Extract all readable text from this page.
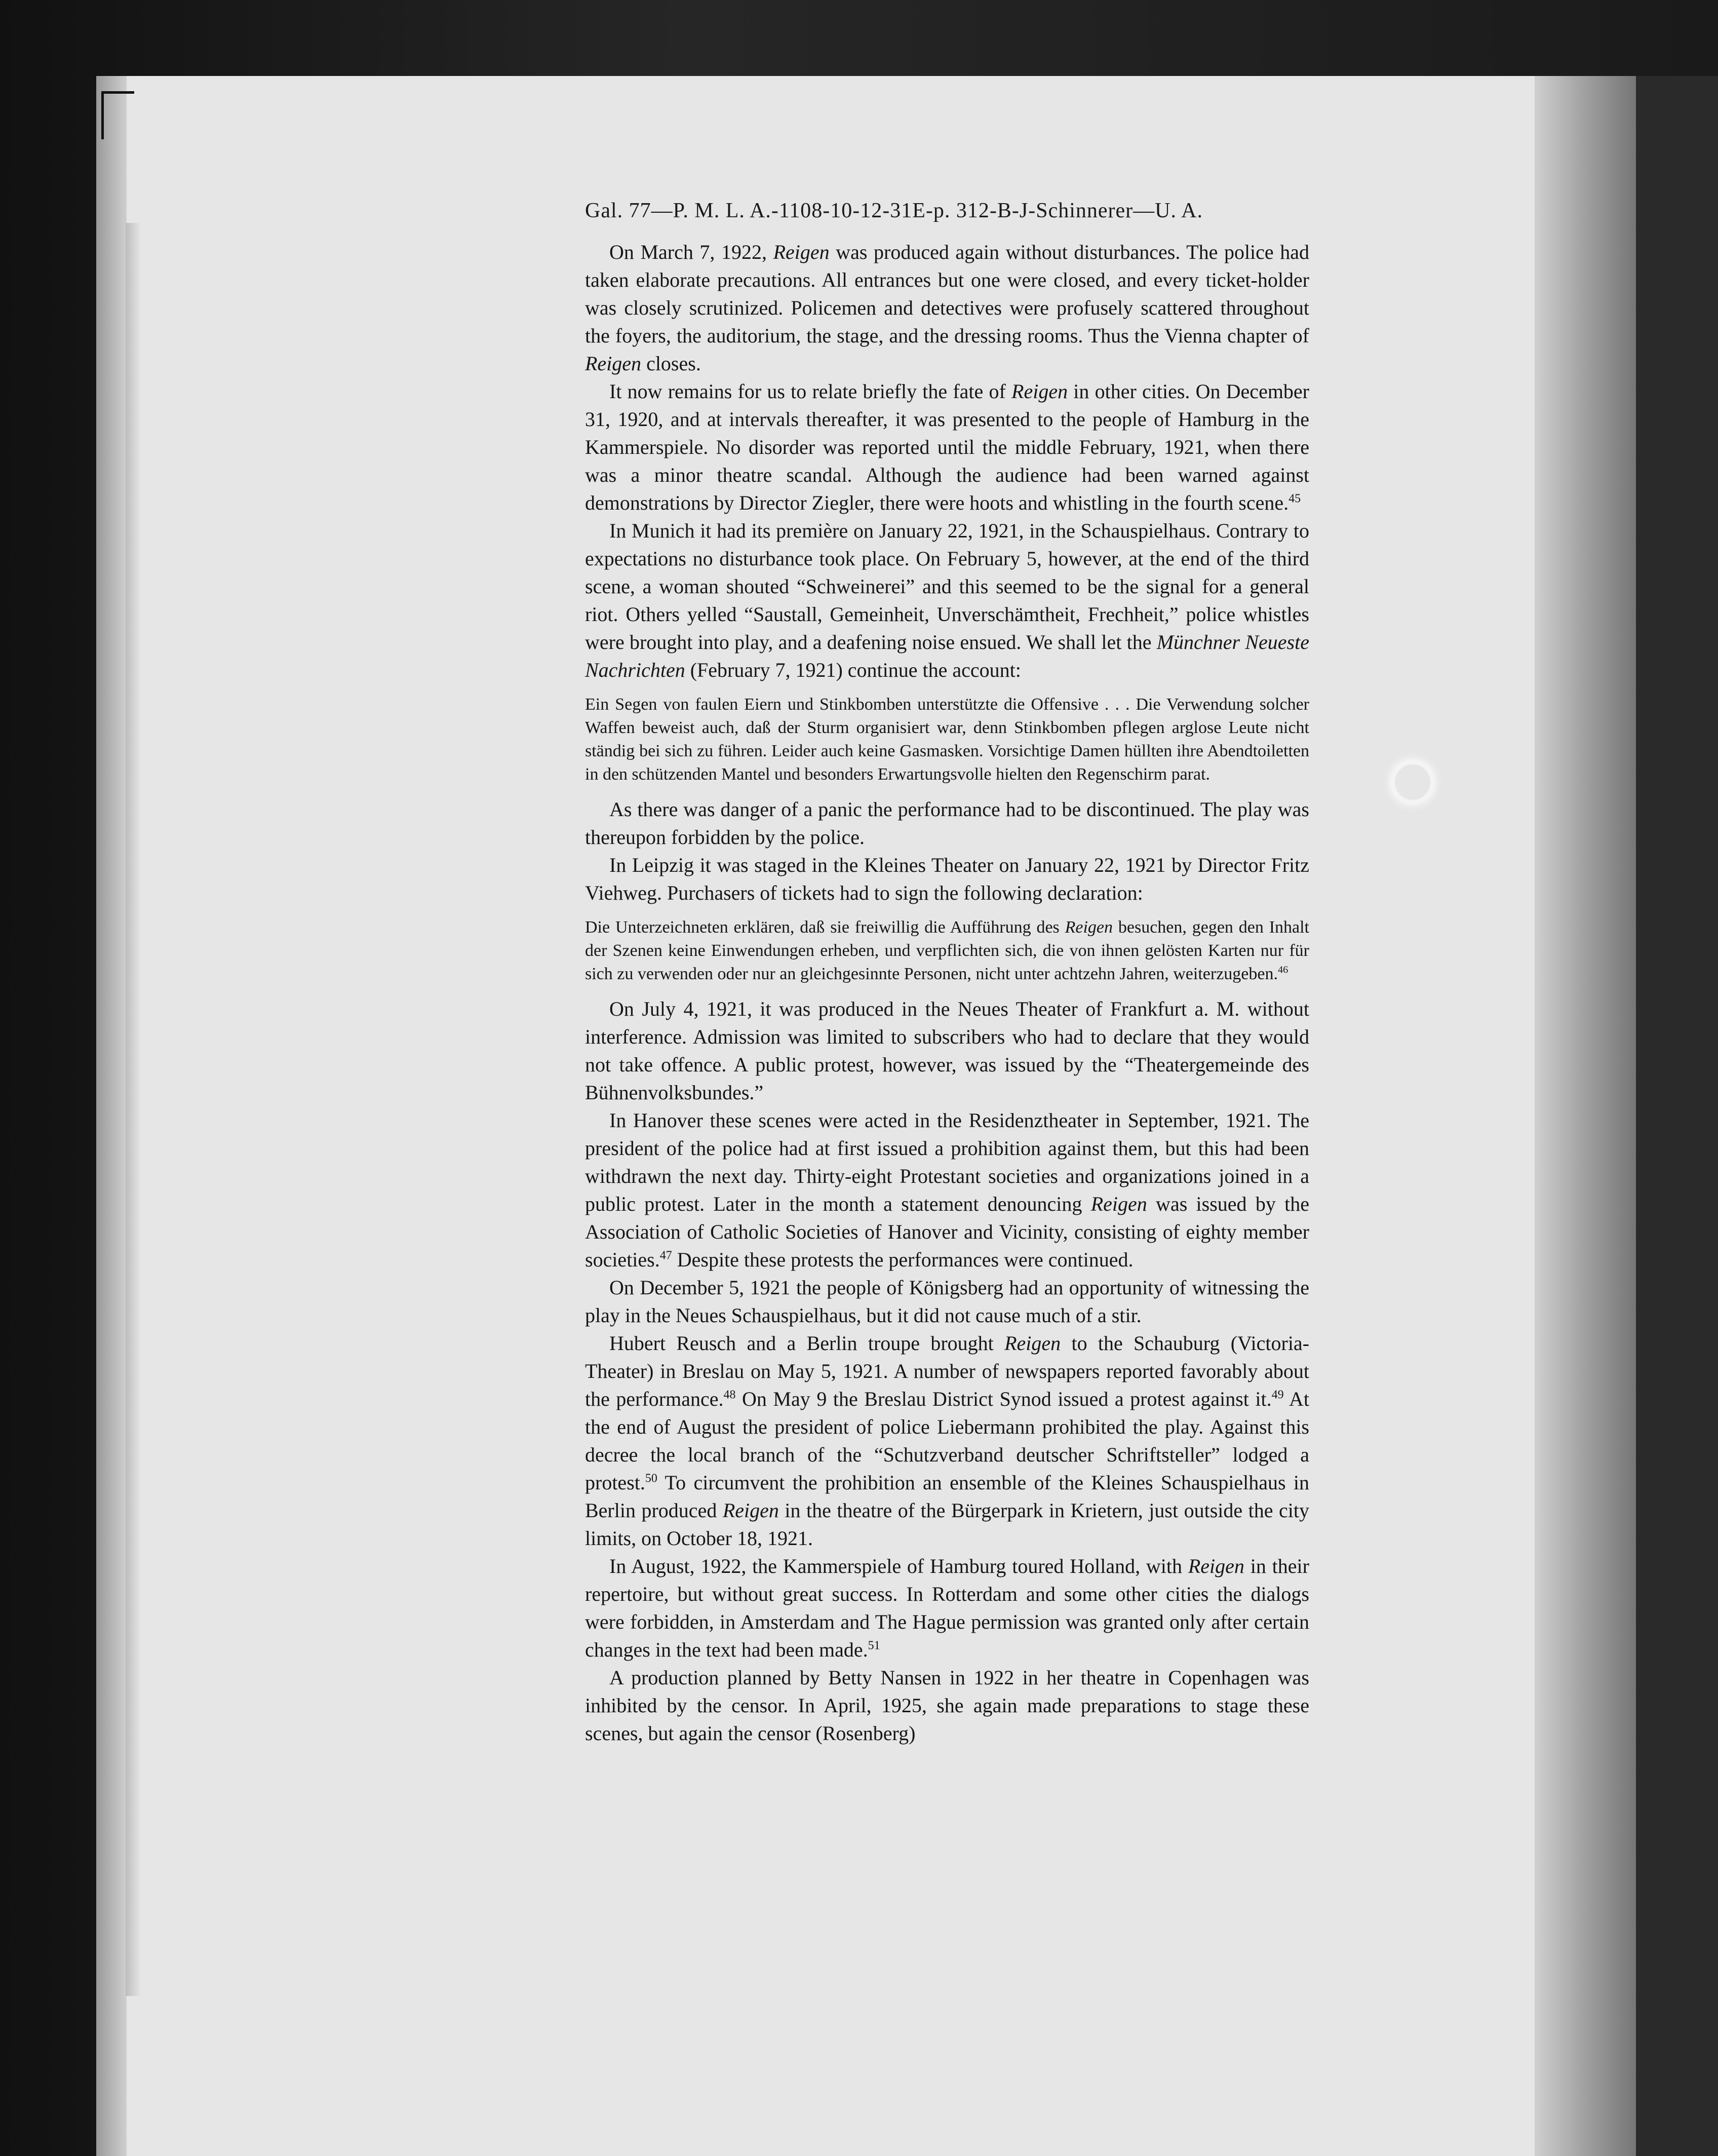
Gal. 77—P. M. L. A.-1108-10-12-31E-p. 312-B-J-Schinnerer—U. A.

On March 7, 1922, Reigen was produced again without disturbances. The police had taken elaborate precautions. All entrances but one were closed, and every ticket-holder was closely scrutinized. Policemen and detectives were profusely scattered throughout the foyers, the auditorium, the stage, and the dressing rooms. Thus the Vienna chapter of Reigen closes.

It now remains for us to relate briefly the fate of Reigen in other cities. On December 31, 1920, and at intervals thereafter, it was presented to the people of Hamburg in the Kammerspiele. No disorder was reported until the middle February, 1921, when there was a minor theatre scandal. Although the audience had been warned against demonstrations by Director Ziegler, there were hoots and whistling in the fourth scene.$^{45}$

In Munich it had its première on January 22, 1921, in the Schauspielhaus. Contrary to expectations no disturbance took place. On February 5, however, at the end of the third scene, a woman shouted “Schweinerei” and this seemed to be the signal for a general riot. Others yelled “Saustall, Gemeinheit, Unverschämtheit, Frechheit,” police whistles were brought into play, and a deafening noise ensued. We shall let the Münchner Neueste Nachrichten (February 7, 1921) continue the account:

Ein Segen von faulen Eiern und Stinkbomben unterstützte die Offensive . . . Die Verwendung solcher Waffen beweist auch, daß der Sturm organisiert war, denn Stinkbomben pflegen arglose Leute nicht ständig bei sich zu führen. Leider auch keine Gasmasken. Vorsichtige Damen hüllten ihre Abendtoiletten in den schützenden Mantel und besonders Erwartungsvolle hielten den Regenschirm parat.

As there was danger of a panic the performance had to be discontinued. The play was thereupon forbidden by the police.

In Leipzig it was staged in the Kleines Theater on January 22, 1921 by Director Fritz Viehweg. Purchasers of tickets had to sign the following declaration:

Die Unterzeichneten erklären, daß sie freiwillig die Aufführung des Reigen besuchen, gegen den Inhalt der Szenen keine Einwendungen erheben, und verpflichten sich, die von ihnen gelösten Karten nur für sich zu verwenden oder nur an gleichgesinnte Personen, nicht unter achtzehn Jahren, weiterzugeben.$^{46}$

On July 4, 1921, it was produced in the Neues Theater of Frankfurt a. M. without interference. Admission was limited to subscribers who had to declare that they would not take offence. A public protest, however, was issued by the “Theatergemeinde des Bühnenvolksbundes.”

In Hanover these scenes were acted in the Residenztheater in September, 1921. The president of the police had at first issued a prohibition against them, but this had been withdrawn the next day. Thirty-eight Protestant societies and organizations joined in a public protest. Later in the month a statement denouncing Reigen was issued by the Association of Catholic Societies of Hanover and Vicinity, consisting of eighty member societies.$^{47}$ Despite these protests the performances were continued.

On December 5, 1921 the people of Königsberg had an opportunity of witnessing the play in the Neues Schauspielhaus, but it did not cause much of a stir.

Hubert Reusch and a Berlin troupe brought Reigen to the Schauburg (Victoria-Theater) in Breslau on May 5, 1921. A number of newspapers reported favorably about the performance.$^{48}$ On May 9 the Breslau District Synod issued a protest against it.$^{49}$ At the end of August the president of police Liebermann prohibited the play. Against this decree the local branch of the “Schutzverband deutscher Schriftsteller” lodged a protest.$^{50}$ To circumvent the prohibition an ensemble of the Kleines Schauspielhaus in Berlin produced Reigen in the theatre of the Bürgerpark in Krietern, just outside the city limits, on October 18, 1921.

In August, 1922, the Kammerspiele of Hamburg toured Holland, with Reigen in their repertoire, but without great success. In Rotterdam and some other cities the dialogs were forbidden, in Amsterdam and The Hague permission was granted only after certain changes in the text had been made.$^{51}$

A production planned by Betty Nansen in 1922 in her theatre in Copenhagen was inhibited by the censor. In April, 1925, she again made preparations to stage these scenes, but again the censor (Rosenberg)
